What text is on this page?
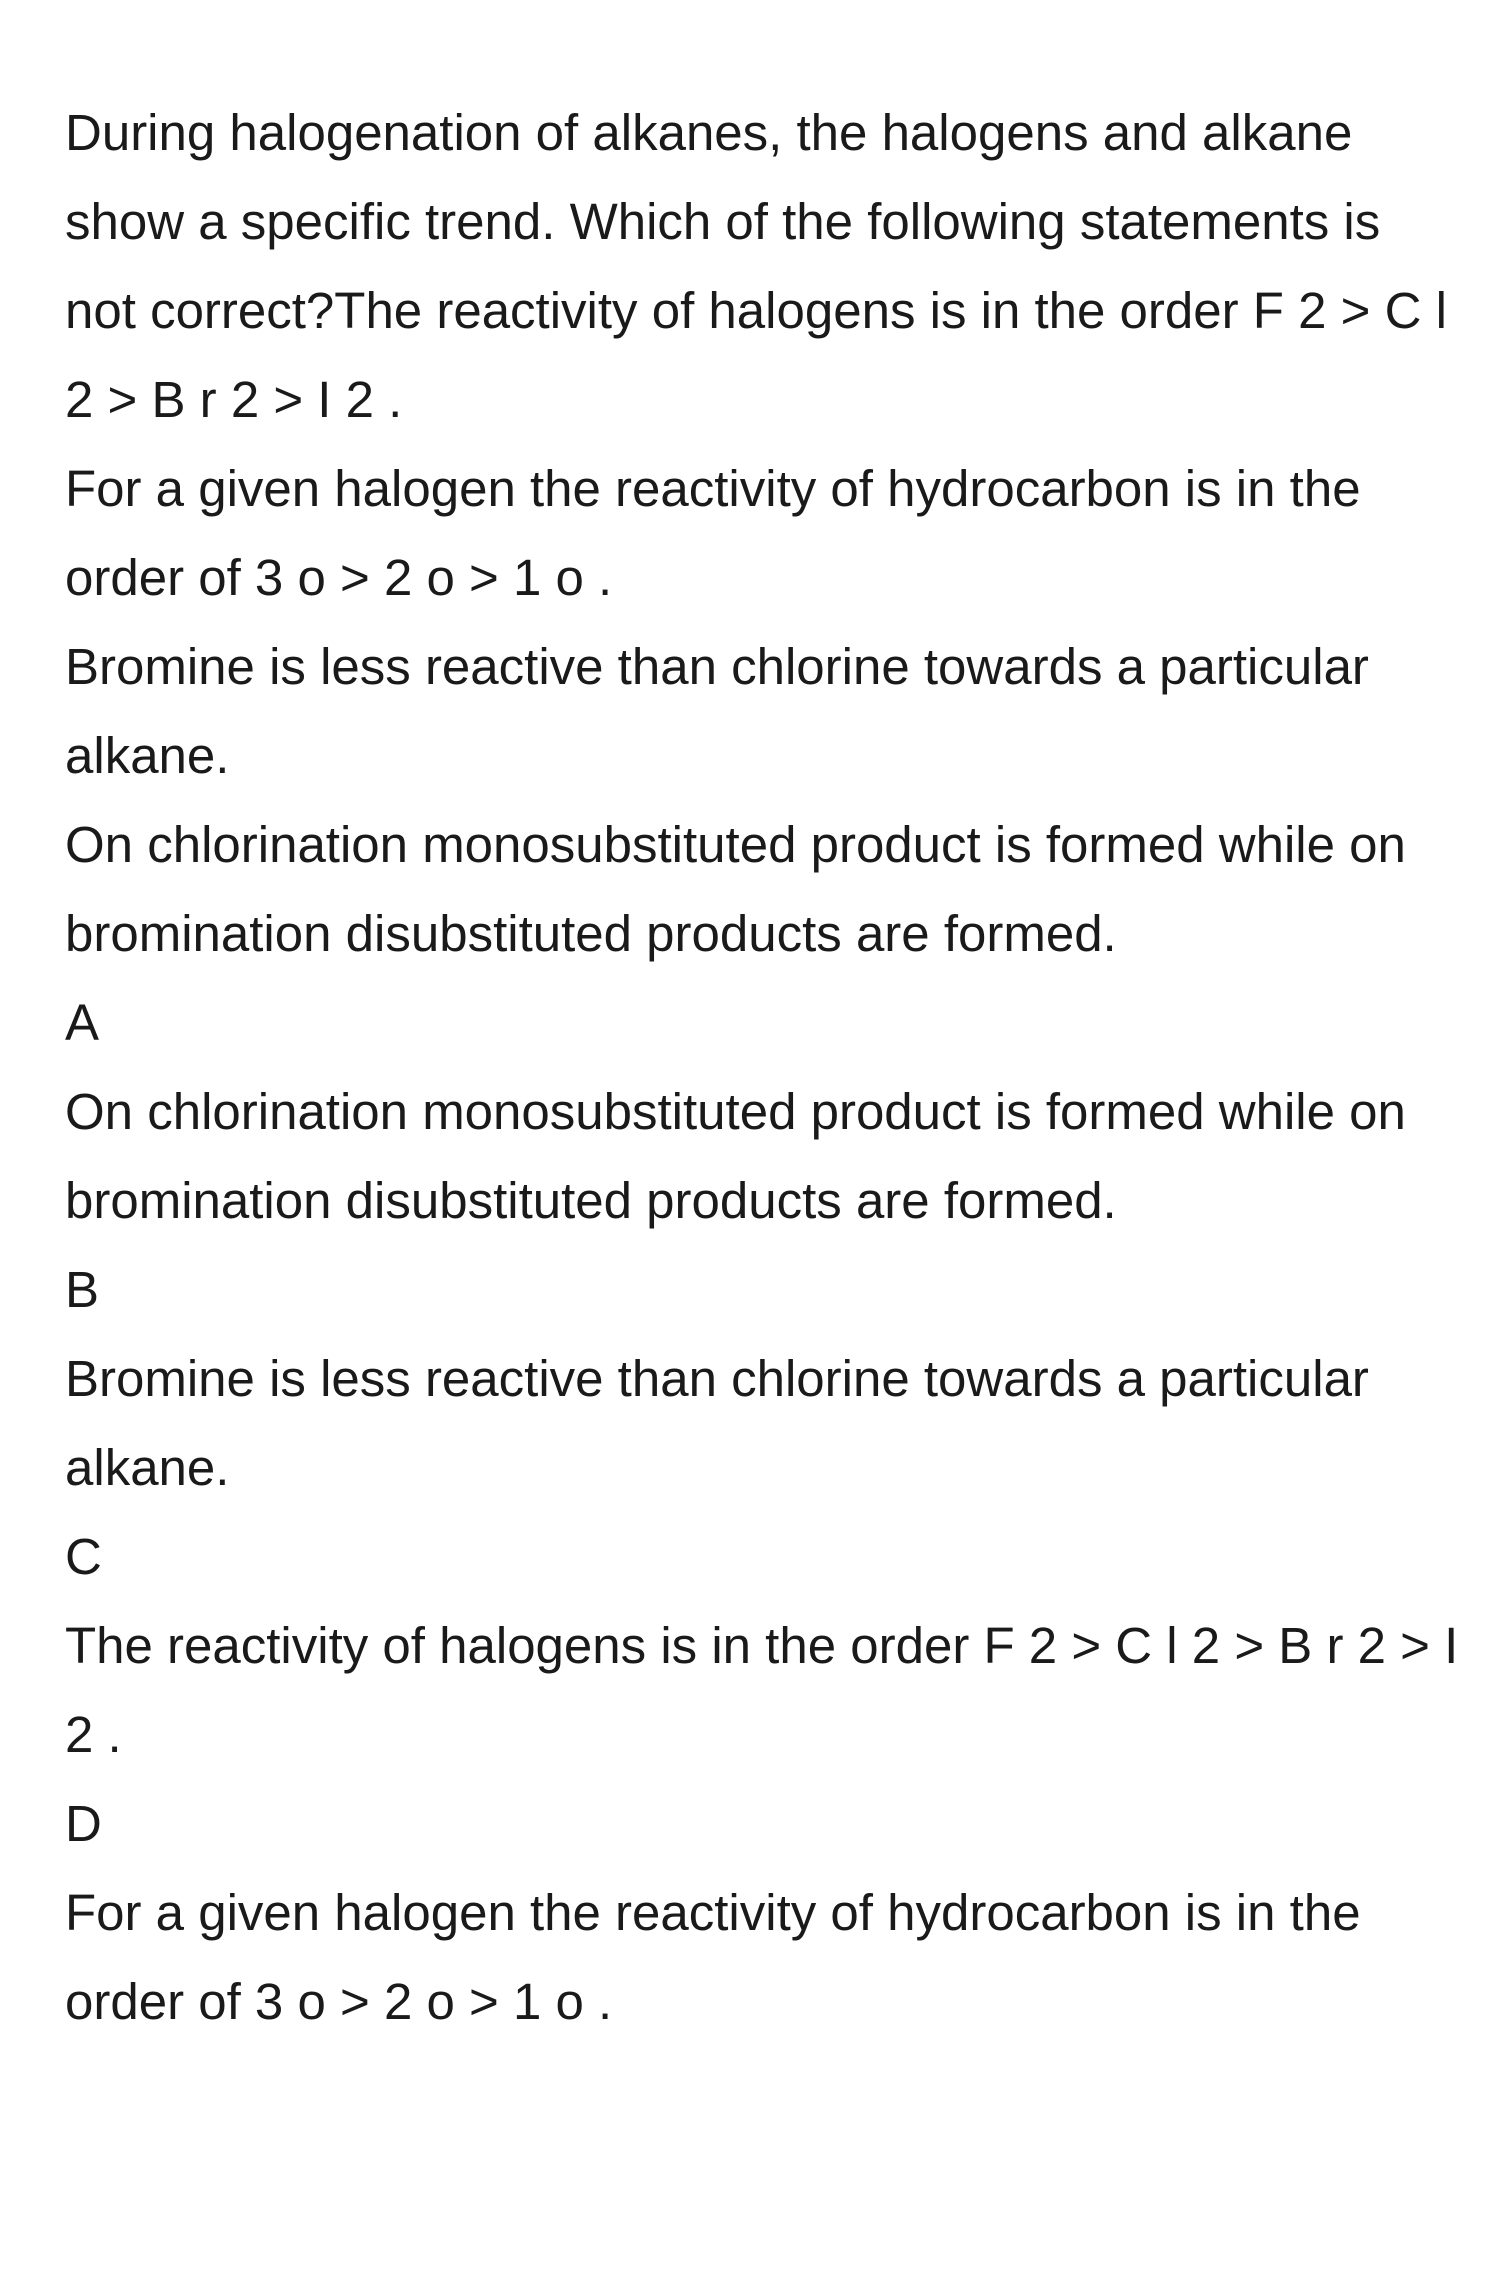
During halogenation of alkanes, the halogens and alkane show a specific trend. Which of the following statements is not correct?The reactivity of halogens is in the order F 2 > C l 2 > B r 2 > I 2 .

For a given halogen the reactivity of hydrocarbon is in the order of 3 o > 2 o > 1 o .

Bromine is less reactive than chlorine towards a particular alkane.

On chlorination monosubstituted product is formed while on bromination disubstituted products are formed.

A

On chlorination monosubstituted product is formed while on bromination disubstituted products are formed.

B

Bromine is less reactive than chlorine towards a particular alkane.

C

The reactivity of halogens is in the order F 2 > C l 2 > B r 2 > I 2 .

D

For a given halogen the reactivity of hydrocarbon is in the order of 3 o > 2 o > 1 o .
